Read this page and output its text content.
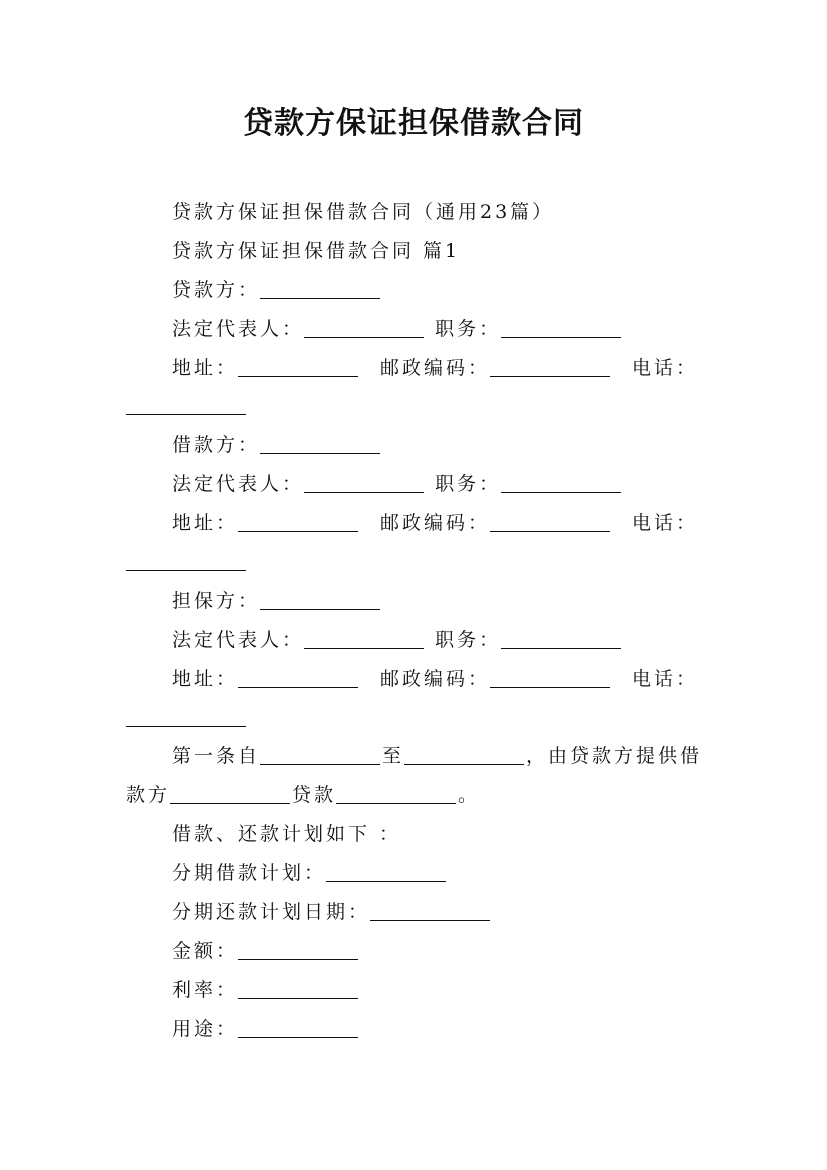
贷款方保证担保借款合同
贷款方保证担保借款合同（通用23篇）
贷款方保证担保借款合同 篇1
贷款方：
法定代表人：	职务：
地址：	邮政编码：	电话：
借款方：
法定代表人：	职务：
地址：	邮政编码：	电话：
担保方：
法定代表人：	职务：
地址：	邮政编码：	电话：
第一条自	至	，由贷款方提供借
款方	贷款	。
借款、还款计划如下 ：
分期借款计划：
分期还款计划日期：
金额：
利率：
用途：
